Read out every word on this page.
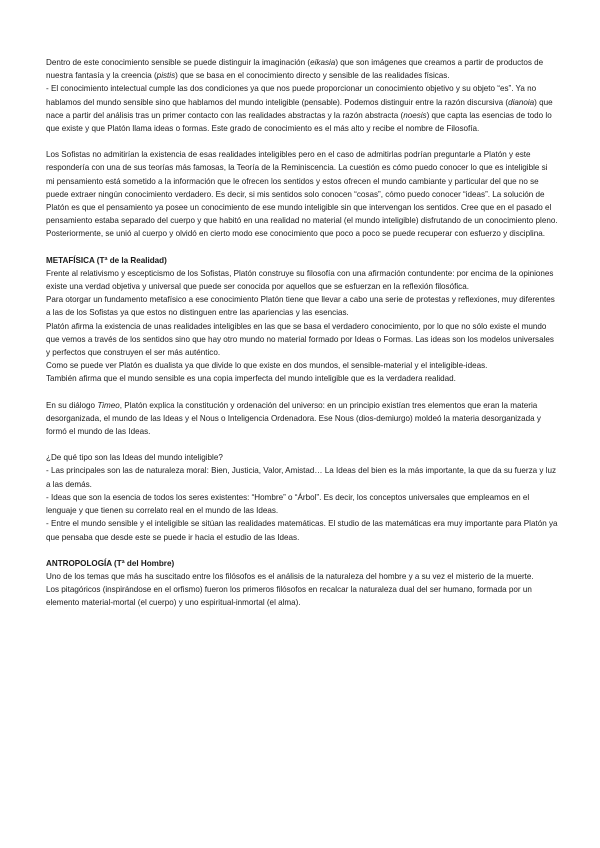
Dentro de este conocimiento sensible se puede distinguir la imaginación (eikasia) que son imágenes que creamos a partir de productos de nuestra fantasía y la creencia (pistis) que se basa en el conocimiento directo y sensible de las realidades físicas.

- El conocimiento intelectual cumple las dos condiciones ya que nos puede proporcionar un conocimiento objetivo y su objeto “es”. Ya no hablamos del mundo sensible sino que hablamos del mundo inteligible (pensable). Podemos distinguir entre la razón discursiva (dianoia) que nace a partir del análisis tras un primer contacto con las realidades abstractas y la razón abstracta (noesis) que capta las esencias de todo lo que existe y que Platón llama ideas o formas. Este grado de conocimiento es el más alto y recibe el nombre de Filosofía.

Los Sofistas no admitirían la existencia de esas realidades inteligibles pero en el caso de admitirlas podrían preguntarle a Platón y este respondería con una de sus teorías más famosas, la Teoría de la Reminiscencia. La cuestión es cómo puedo conocer lo que es inteligible si mi pensamiento está sometido a la información que le ofrecen los sentidos y estos ofrecen el mundo cambiante y particular del que no se puede extraer ningún conocimiento verdadero. Es decir, si mis sentidos solo conocen “cosas”, cómo puedo conocer “ideas”. La solución de Platón es que el pensamiento ya posee un conocimiento de ese mundo inteligible sin que intervengan los sentidos. Cree que en el pasado el pensamiento estaba separado del cuerpo y que habitó en una realidad no material (el mundo inteligible) disfrutando de un conocimiento pleno. Posteriormente, se unió al cuerpo y olvidó en cierto modo ese conocimiento que poco a poco se puede recuperar con esfuerzo y disciplina.

METAFÍSICA (Tª de la Realidad)

Frente al relativismo y escepticismo de los Sofistas, Platón construye su filosofía con una afirmación contundente: por encima de la opiniones existe una verdad objetiva y universal que puede ser conocida por aquellos que se esfuerzan en la reflexión filosófica.

Para otorgar un fundamento metafísico a ese conocimiento Platón tiene que llevar a cabo una serie de protestas y reflexiones, muy diferentes a las de los Sofistas ya que estos no distinguen entre las apariencias y las esencias.

Platón afirma la existencia de unas realidades inteligibles en las que se basa el verdadero conocimiento, por lo que no sólo existe el mundo que vemos a través de los sentidos sino que hay otro mundo no material formado por Ideas o Formas. Las ideas son los modelos universales y perfectos que construyen el ser más auténtico.

Como se puede ver Platón es dualista ya que divide lo que existe en dos mundos, el sensible-material y el inteligible-ideas.

También afirma que el mundo sensible es una copia imperfecta del mundo inteligible que es la verdadera realidad.

En su diálogo Timeo, Platón explica la constitución y ordenación del universo: en un principio existían tres elementos que eran la materia desorganizada, el mundo de las Ideas y el Nous o Inteligencia Ordenadora. Ese Nous (dios-demiurgo) moldeó la materia desorganizada y formó el mundo de las Ideas.

¿De qué tipo son las Ideas del mundo inteligible?

- Las principales son las de naturaleza moral: Bien, Justicia, Valor, Amistad… La Ideas del bien es la más importante, la que da su fuerza y luz a las demás.

- Ideas que son la esencia de todos los seres existentes: “Hombre” o “Árbol”. Es decir, los conceptos universales que empleamos en el lenguaje y que tienen su correlato real en el mundo de las Ideas.

- Entre el mundo sensible y el inteligible se sitúan las realidades matemáticas. El studio de las matemáticas era muy importante para Platón ya que pensaba que desde este se puede ir hacia el estudio de las Ideas.

ANTROPOLOGÍA (Tª del Hombre)

Uno de los temas que más ha suscitado entre los filósofos es el análisis de la naturaleza del hombre y a su vez el misterio de la muerte.

Los pitagóricos (inspirándose en el orfismo) fueron los primeros filósofos en recalcar la naturaleza dual del ser humano, formada por un elemento material-mortal (el cuerpo) y uno espiritual-inmortal (el alma).
